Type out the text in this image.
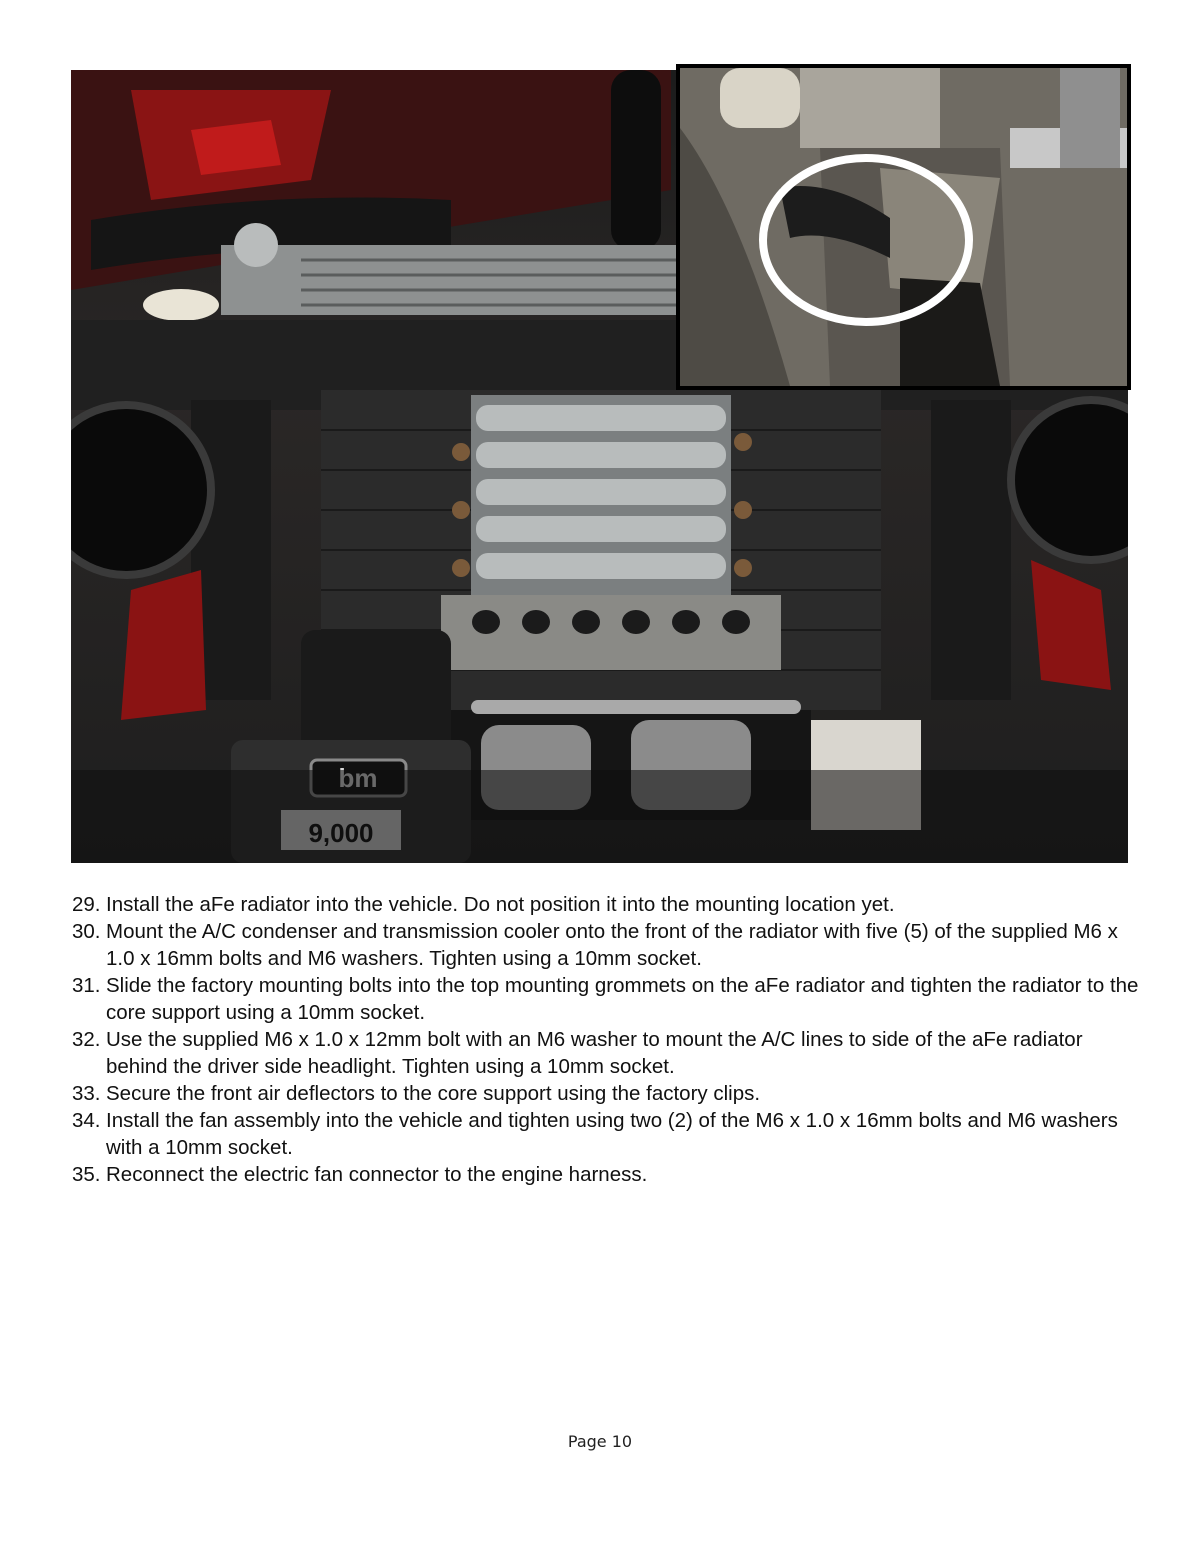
29. Install the aFe radiator into the vehicle. Do not position it into the mounting location yet.
30. Mount the A/C condenser and transmission cooler onto the front of the radiator with five (5) of the supplied M6 x 1.0 x 16mm bolts and M6 washers. Tighten using a 10mm socket.
31. Slide the factory mounting bolts into the top mounting grommets on the aFe radiator and tighten the radiator to the core support using a 10mm socket.
32. Use the supplied M6 x 1.0 x 12mm bolt with an M6 washer to mount the A/C lines to side of the aFe radiator behind the driver side headlight. Tighten using a 10mm socket.
33. Secure the front air deflectors to the core support using the factory clips.
34. Install the fan assembly into the vehicle and tighten using two (2) of the M6 x 1.0 x 16mm bolts and M6 washers with a 10mm socket.
35. Reconnect the electric fan connector to the engine harness.
Page 10
